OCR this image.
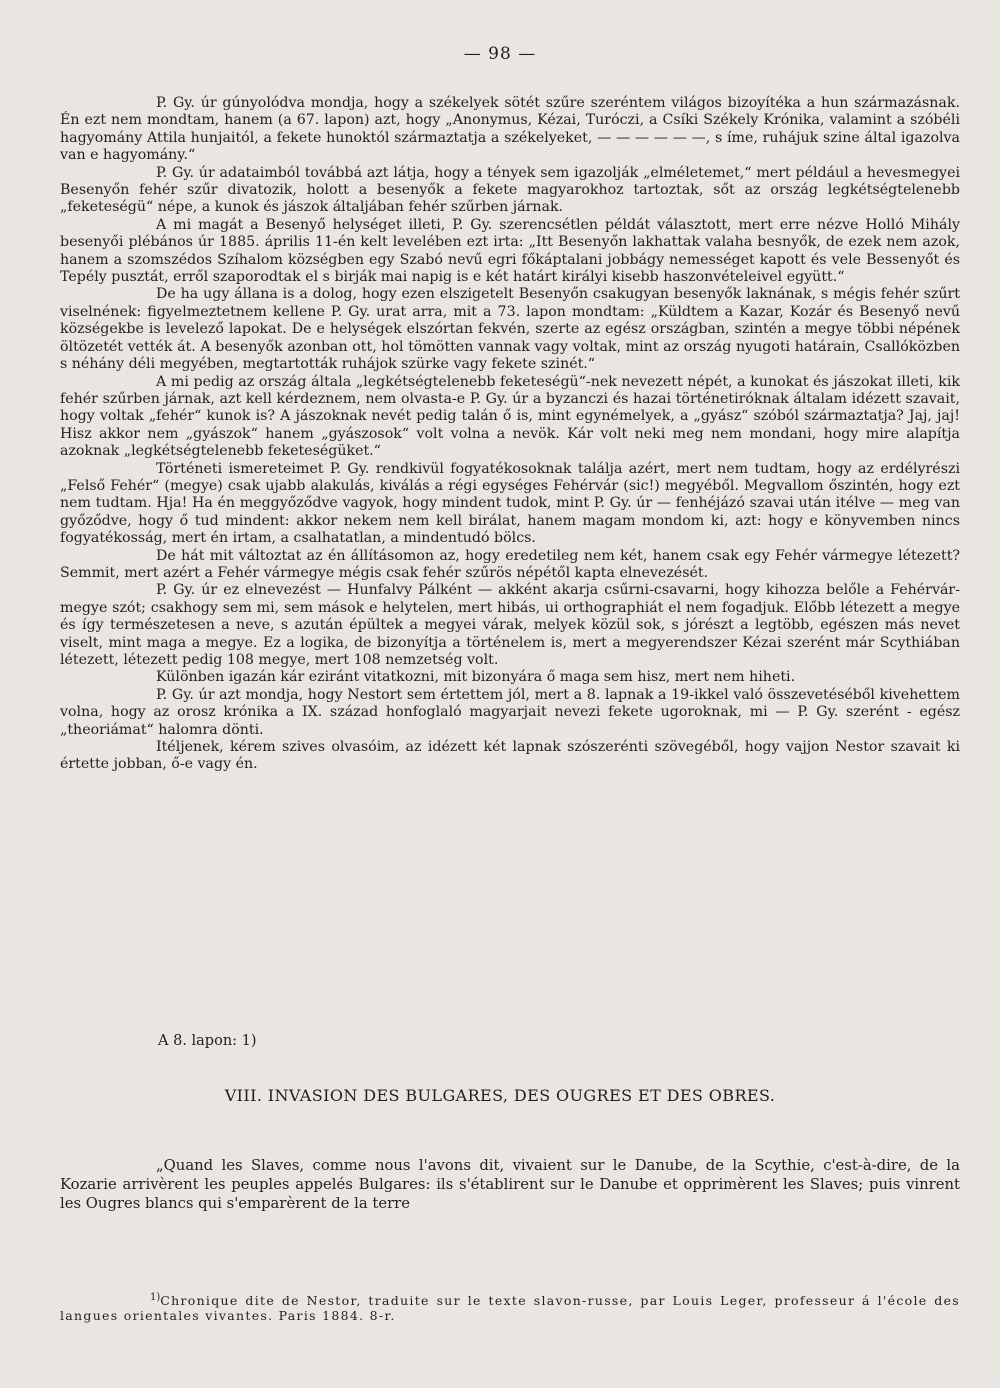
— 98 —

P. Gy. úr gúnyolódva mondja, hogy a székelyek sötét szűre szeréntem világos bizoyítéka a hun származásnak. Én ezt nem mondtam, hanem (a 67. lapon) azt, hogy „Anonymus, Kézai, Turóczi, a Csíki Székely Krónika, valamint a szóbéli hagyomány Attila hunjaitól, a fekete hunoktól származtatja a székelyeket, — — — — — —, s íme, ruhájuk szine által igazolva van e hagyomány.“

P. Gy. úr adataimból továbbá azt látja, hogy a tények sem igazolják „elméletemet,“ mert például a hevesmegyei Besenyőn fehér szűr divatozik, holott a besenyők a fekete magyarokhoz tartoztak, sőt az ország legkétségtelenebb „feketeségü“ népe, a kunok és jászok általjában fehér szűrben járnak.

A mi magát a Besenyő helységet illeti, P. Gy. szerencsétlen példát választott, mert erre nézve Holló Mihály besenyői plébános úr 1885. április 11-én kelt levelében ezt irta: „Itt Besenyőn lakhattak valaha besnyők, de ezek nem azok, hanem a szomszédos Szíhalom községben egy Szabó nevű egri főkáptalani jobbágy nemességet kapott és vele Bessenyőt és Tepély pusztát, erről szaporodtak el s birják mai napig is e két határt királyi kisebb haszonvételeivel együtt.“

De ha ugy állana is a dolog, hogy ezen elszigetelt Besenyőn csakugyan besenyők laknának, s mégis fehér szűrt viselnének: figyelmeztetnem kellene P. Gy. urat arra, mit a 73. lapon mondtam: „Küldtem a Kazar, Kozár és Besenyő nevű községekbe is levelező lapokat. De e helységek elszórtan fekvén, szerte az egész országban, szintén a megye többi népének öltözetét vették át. A besenyők azonban ott, hol tömötten vannak vagy voltak, mint az ország nyugoti határain, Csallóközben s néhány déli megyében, megtartották ruhájok szürke vagy fekete szinét.“

A mi pedig az ország általa „legkétségtelenebb feketeségü“-nek nevezett népét, a kunokat és jászokat illeti, kik fehér szűrben járnak, azt kell kérdeznem, nem olvasta-e P. Gy. úr a byzanczi és hazai történetiróknak általam idézett szavait, hogy voltak „fehér“ kunok is? A jászoknak nevét pedig talán ő is, mint egynémelyek, a „gyász“ szóból származtatja? Jaj, jaj! Hisz akkor nem „gyászok“ hanem „gyászosok“ volt volna a nevök. Kár volt neki meg nem mondani, hogy mire alapítja azoknak „legkétségtelenebb feketeségüket.“

Történeti ismereteimet P. Gy. rendkivül fogyatékosoknak találja azért, mert nem tudtam, hogy az erdélyrészi „Felső Fehér“ (megye) csak ujabb alakulás, kiválás a régi egységes Fehérvár (sic!) megyéből. Megvallom őszintén, hogy ezt nem tudtam. Hja! Ha én meggyőződve vagyok, hogy mindent tudok, mint P. Gy. úr — fenhéjázó szavai után itélve — meg van győződve, hogy ő tud mindent: akkor nekem nem kell birálat, hanem magam mondom ki, azt: hogy e könyvemben nincs fogyatékosság, mert én irtam, a csalhatatlan, a mindentudó bölcs.

De hát mit változtat az én állításomon az, hogy eredetileg nem két, hanem csak egy Fehér vármegye létezett? Semmit, mert azért a Fehér vármegye mégis csak fehér szűrös népétől kapta elnevezését.

P. Gy. úr ez elnevezést — Hunfalvy Pálként — akként akarja csűrni-csavarni, hogy kihozza belőle a Fehérvár-megye szót; csakhogy sem mi, sem mások e helytelen, mert hibás, ui orthographiát el nem fogadjuk. Előbb létezett a megye és így természetesen a neve, s azután épültek a megyei várak, melyek közül sok, s jórészt a legtöbb, egészen más nevet viselt, mint maga a megye. Ez a logika, de bizonyítja a történelem is, mert a megyerendszer Kézai szerént már Scythiában létezett, létezett pedig 108 megye, mert 108 nemzetség volt.

Különben igazán kár eziránt vitatkozni, mit bizonyára ő maga sem hisz, mert nem hiheti.

P. Gy. úr azt mondja, hogy Nestort sem értettem jól, mert a 8. lapnak a 19-ikkel való összevetéséből kivehettem volna, hogy az orosz krónika a IX. század honfoglaló magyarjait nevezi fekete ugoroknak, mi — P. Gy. szerént - egész „theoriámat“ halomra dönti.

Itéljenek, kérem szives olvasóim, az idézett két lapnak szószerénti szövegéből, hogy vajjon Nestor szavait ki értette jobban, ő-e vagy én.

A 8. lapon: 1)
VIII. INVASION DES BULGARES, DES OUGRES ET DES OBRES.

„Quand les Slaves, comme nous l'avons dit, vivaient sur le Danube, de la Scythie, c'est-à-dire, de la Kozarie arrivèrent les peuples appelés Bulgares: ils s'établirent sur le Danube et opprimèrent les Slaves; puis vinrent les Ougres blancs qui s'emparèrent de la terre

$^{1)}$Chronique dite de Nestor, traduite sur le texte slavon-russe, par Louis Leger, professeur á l'école des langues orientales vivantes. Paris 1884. 8-r.
